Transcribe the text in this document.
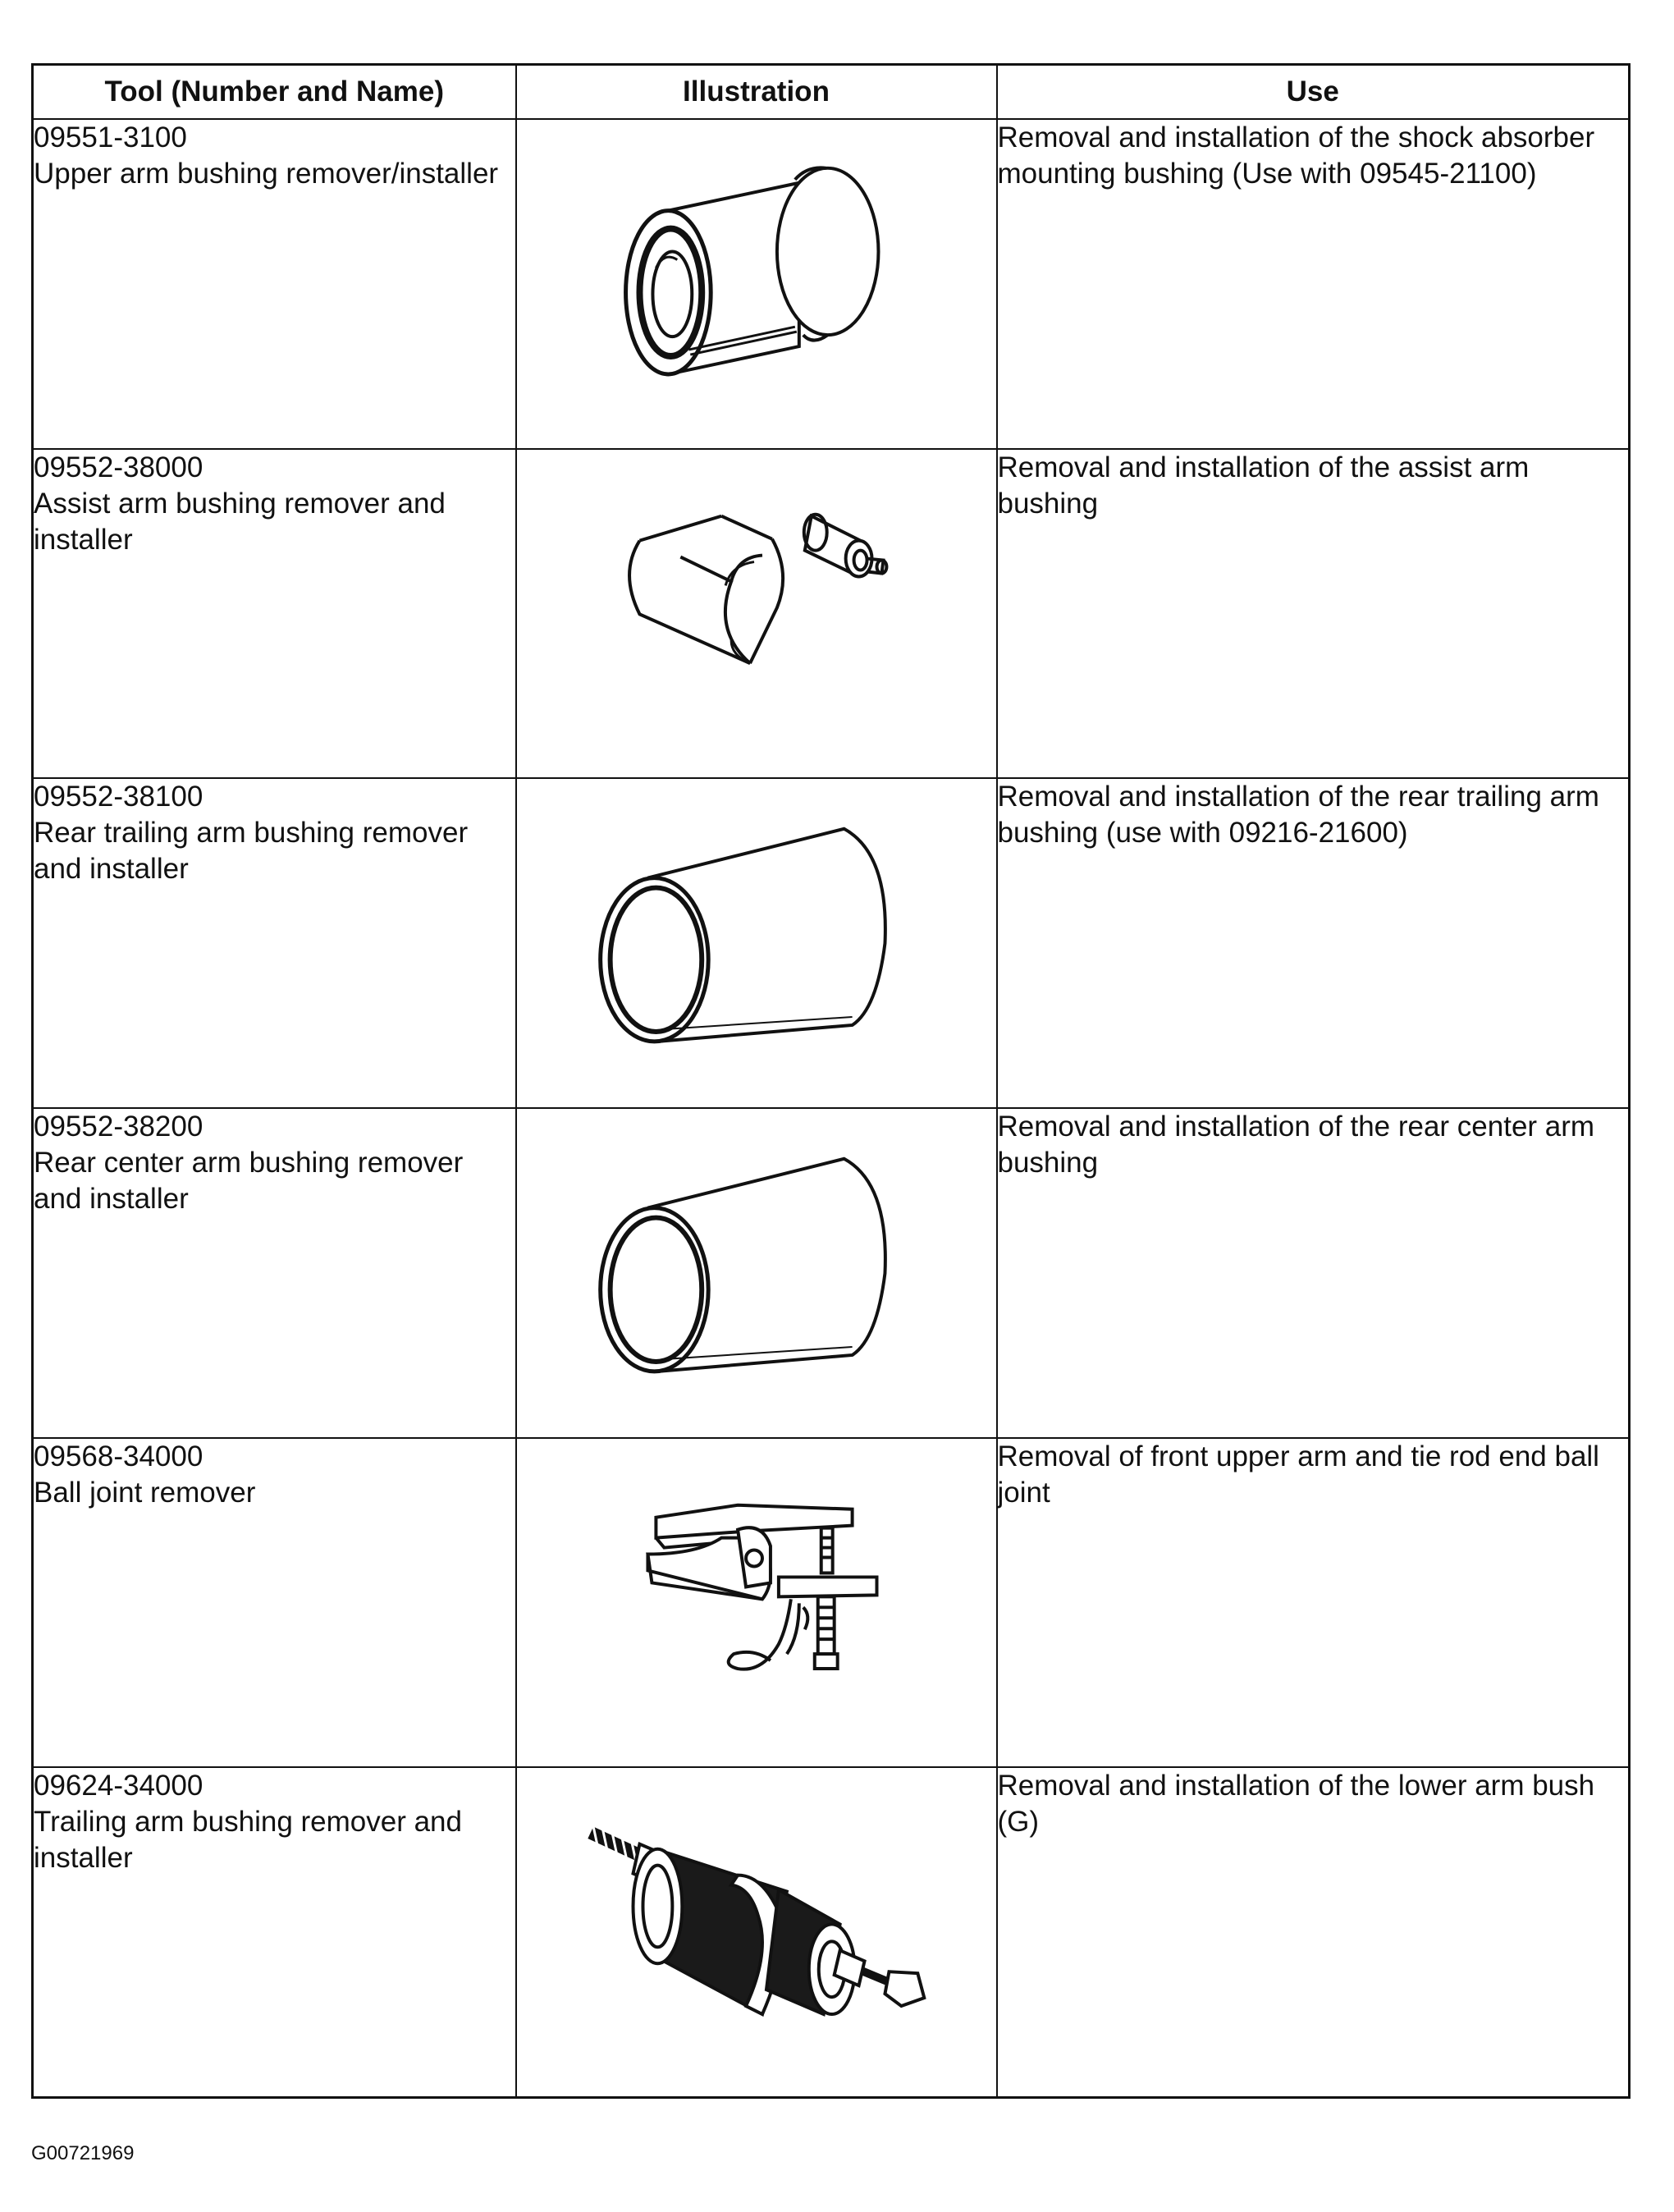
Tool (Number and Name)	Illustration	Use

09551-3100
Upper arm bushing remover/installer		Removal and installation of the shock absorber mounting bushing (Use with 09545-21100)

09552-38000
Assist arm bushing remover and installer		Removal and installation of the assist arm bushing

09552-38100
Rear trailing arm bushing remover and installer		Removal and installation of the rear trailing arm bushing (use with 09216-21600)

09552-38200
Rear center arm bushing remover and installer		Removal and installation of the rear center arm bushing

09568-34000
Ball joint remover		Removal of front upper arm and tie rod end ball joint

09624-34000
Trailing arm bushing remover and installer		Removal and installation of the lower arm bush (G)
G00721969
